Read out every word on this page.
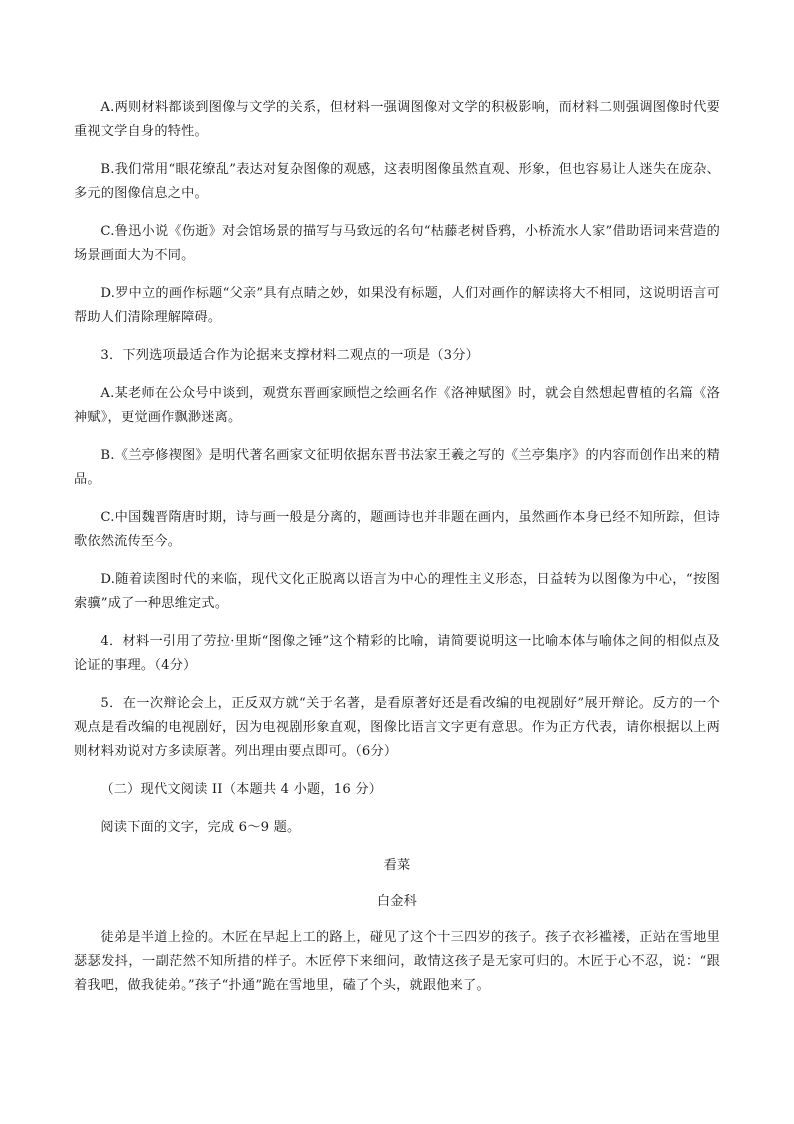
A.两则材料都谈到图像与文学的关系，但材料一强调图像对文学的积极影响，而材料二则强调图像时代要重视文学自身的特性。

B.我们常用“眼花缭乱”表达对复杂图像的观感，这表明图像虽然直观、形象，但也容易让人迷失在庞杂、多元的图像信息之中。

C.鲁迅小说《伤逝》对会馆场景的描写与马致远的名句“枯藤老树昏鸦，小桥流水人家”借助语词来营造的场景画面大为不同。

D.罗中立的画作标题“父亲”具有点睛之妙，如果没有标题，人们对画作的解读将大不相同，这说明语言可帮助人们清除理解障碍。

3．下列选项最适合作为论据来支撑材料二观点的一项是（3分）

A.某老师在公众号中谈到，观赏东晋画家顾恺之绘画名作《洛神赋图》时，就会自然想起曹植的名篇《洛神赋》，更觉画作飘渺迷离。

B.《兰亭修禊图》是明代著名画家文征明依据东晋书法家王羲之写的《兰亭集序》的内容而创作出来的精品。

C.中国魏晋隋唐时期，诗与画一般是分离的，题画诗也并非题在画内，虽然画作本身已经不知所踪，但诗歌依然流传至今。

D.随着读图时代的来临，现代文化正脱离以语言为中心的理性主义形态，日益转为以图像为中心，“按图索骥”成了一种思维定式。

4．材料一引用了劳拉·里斯“图像之锤”这个精彩的比喻，请简要说明这一比喻本体与喻体之间的相似点及论证的事理。（4分）

5．在一次辩论会上，正反双方就“关于名著，是看原著好还是看改编的电视剧好”展开辩论。反方的一个观点是看改编的电视剧好，因为电视剧形象直观，图像比语言文字更有意思。作为正方代表，请你根据以上两则材料劝说对方多读原著。列出理由要点即可。（6分）

（二）现代文阅读 II（本题共 4 小题，16 分）

阅读下面的文字，完成 6～9 题。

看菜

白金科

徒弟是半道上捡的。木匠在早起上工的路上，碰见了这个十三四岁的孩子。孩子衣衫褴褛，正站在雪地里瑟瑟发抖，一副茫然不知所措的样子。木匠停下来细问，敢情这孩子是无家可归的。木匠于心不忍，说：“跟着我吧，做我徒弟。”孩子“扑通”跪在雪地里，磕了个头，就跟他来了。
